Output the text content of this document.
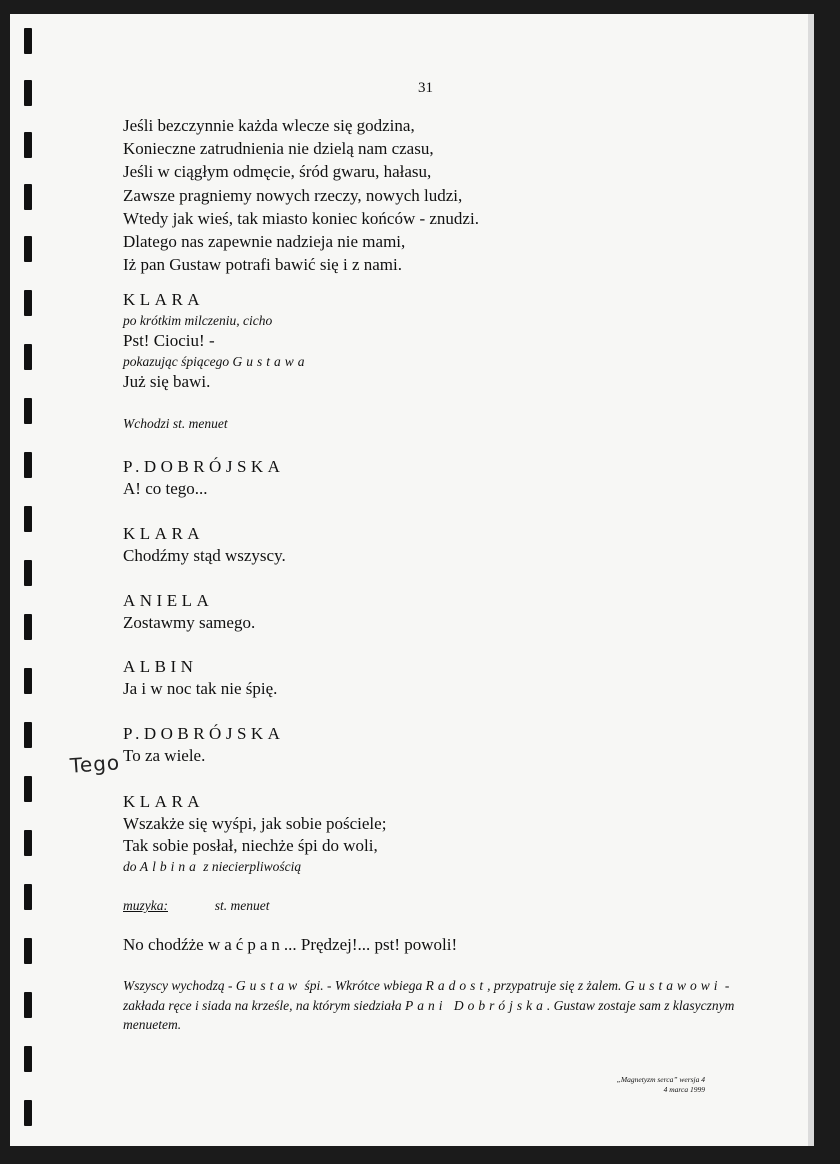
31
Jeśli bezczynnie każda wlecze się godzina,
Konieczne zatrudnienia nie dzielą nam czasu,
Jeśli w ciągłym odmęcie, śród gwaru, hałasu,
Zawsze pragniemy nowych rzeczy, nowych ludzi,
Wtedy jak wieś, tak miasto koniec końców - znudzi.
Dlatego nas zapewnie nadzieja nie mami,
Iż pan Gustaw potrafi bawić się i z nami.
KLARA
po krótkim milczeniu, cicho
Pst! Ciociu! -
pokazując śpiącego Gustawa
Już się bawi.
Wchodzi st. menuet
P.DOBRÓJSKA
A! co tego...
KLARA
Chodźmy stąd wszyscy.
ANIELA
Zostawmy samego.
ALBIN
Ja i w noc tak nie śpię.
P.DOBRÓJSKA
To za wiele.
Tego
KLARA
Wszakże się wyśpi, jak sobie pościele;
Tak sobie posłał, niechże śpi do woli,
do Albina z niecierpliwością
muzyka:	st. menuet
No chodźże waćpan... Prędzej!... pst! powoli!
Wszyscy wychodzą - Gustaw śpi. - Wkrótce wbiega Radost, przypatruje się z żalem. Gustawowi - zakłada ręce i siada na krześle, na którym siedziała Pani Dobrójska. Gustaw zostaje sam z klasycznym menuetem.
„Magnetyzm serca” wersja 4
4 marca 1999
